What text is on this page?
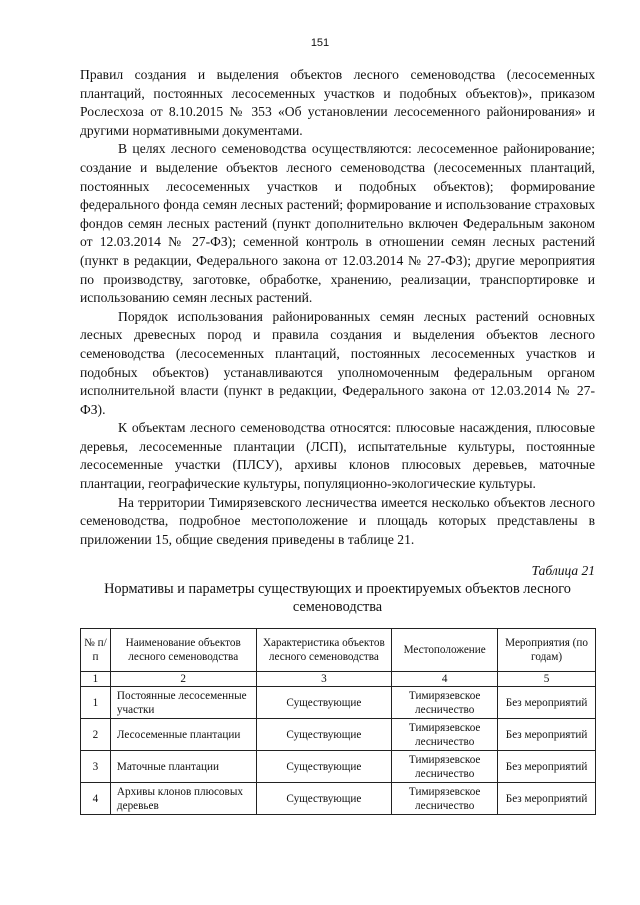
151

Правил создания и выделения объектов лесного семеноводства (лесосеменных плантаций, постоянных лесосеменных участков и подобных объектов)», приказом Рослесхоза от 8.10.2015 № 353 «Об установлении лесосеменного районирования» и другими нормативными документами.

В целях лесного семеноводства осуществляются: лесосеменное районирование; создание и выделение объектов лесного семеноводства (лесосеменных плантаций, постоянных лесосеменных участков и подобных объектов); формирование федерального фонда семян лесных растений; формирование и использование страховых фондов семян лесных растений (пункт дополнительно включен Федеральным законом от 12.03.2014 № 27-ФЗ); семенной контроль в отношении семян лесных растений (пункт в редакции, Федерального закона от 12.03.2014 № 27-ФЗ); другие мероприятия по производству, заготовке, обработке, хранению, реализации, транспортировке и использованию семян лесных растений.

Порядок использования районированных семян лесных растений основных лесных древесных пород и правила создания и выделения объектов лесного семеноводства (лесосеменных плантаций, постоянных лесосеменных участков и подобных объектов) устанавливаются уполномоченным федеральным органом исполнительной власти (пункт в редакции, Федерального закона от 12.03.2014 № 27-ФЗ).

К объектам лесного семеноводства относятся: плюсовые насаждения, плюсовые деревья, лесосеменные плантации (ЛСП), испытательные культуры, постоянные лесосеменные участки (ПЛСУ), архивы клонов плюсовых деревьев, маточные плантации, географические культуры, популяционно-экологические культуры.

На территории Тимирязевского лесничества имеется несколько объектов лесного семеноводства, подробное местоположение и площадь которых представлены в приложении 15, общие сведения приведены в таблице 21.

Таблица 21
Нормативы и параметры существующих и проектируемых объектов лесного семеноводства
№ п/п	Наименование объектов лесного семеноводства	Характеристика объектов лесного семеноводства	Местоположение	Мероприятия (по годам)
1	2	3	4	5
1	Постоянные лесосеменные участки	Существующие	Тимирязевское лесничество	Без мероприятий
2	Лесосеменные плантации	Существующие	Тимирязевское лесничество	Без мероприятий
3	Маточные плантации	Существующие	Тимирязевское лесничество	Без мероприятий
4	Архивы клонов плюсовых деревьев	Существующие	Тимирязевское лесничество	Без мероприятий
